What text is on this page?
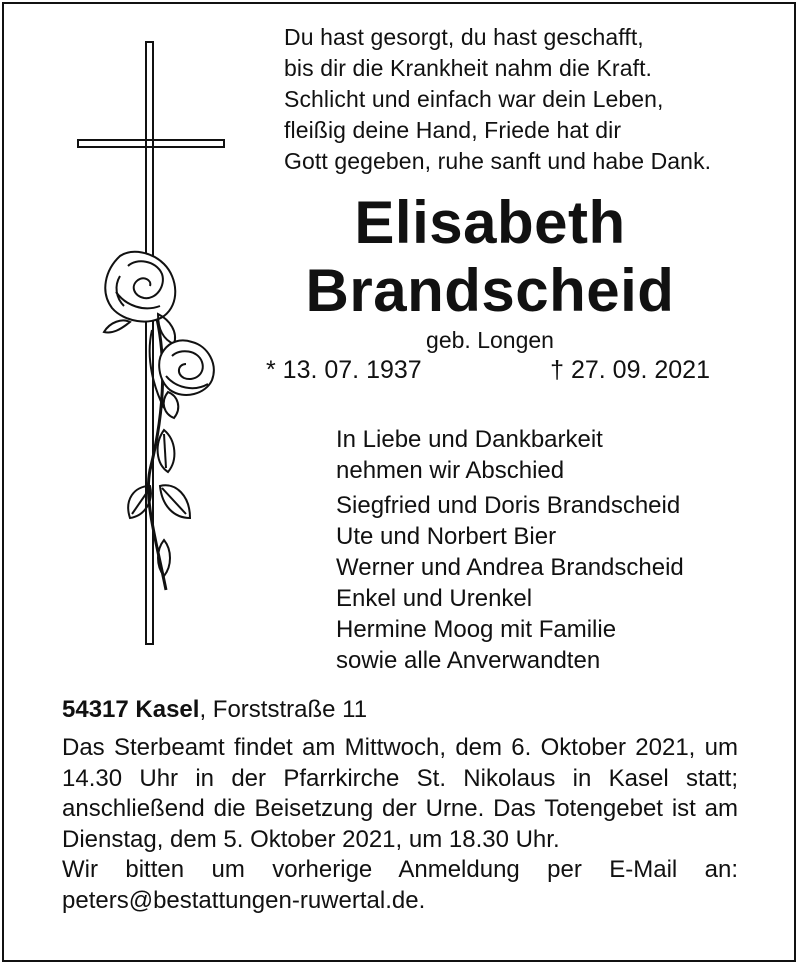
Du hast gesorgt, du hast geschafft,
bis dir die Krankheit nahm die Kraft.
Schlicht und einfach war dein Leben,
fleißig deine Hand, Friede hat dir
Gott gegeben, ruhe sanft und habe Dank.
Elisabeth
Brandscheid
geb. Longen
* 13. 07. 1937	† 27. 09. 2021
In Liebe und Dankbarkeit
nehmen wir Abschied
Siegfried und Doris Brandscheid
Ute und Norbert Bier
Werner und Andrea Brandscheid
Enkel und Urenkel
Hermine Moog mit Familie
sowie alle Anverwandten
54317 Kasel, Forststraße 11

Das Sterbeamt findet am Mittwoch, dem 6. Oktober 2021, um 14.30 Uhr in der Pfarrkirche St. Nikolaus in Kasel statt; anschließend die Beisetzung der Urne. Das Totengebet ist am Dienstag, dem 5. Oktober 2021, um 18.30 Uhr.

Wir bitten um vorherige Anmeldung per E-Mail an: peters@bestattungen-ruwertal.de.
